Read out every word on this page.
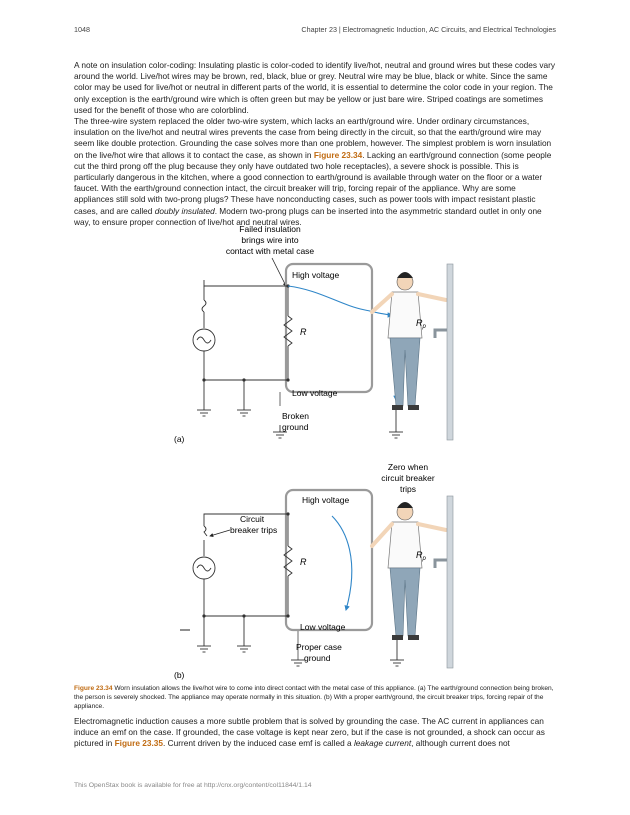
1048	Chapter 23 | Electromagnetic Induction, AC Circuits, and Electrical Technologies

A note on insulation color-coding: Insulating plastic is color-coded to identify live/hot, neutral and ground wires but these codes vary around the world. Live/hot wires may be brown, red, black, blue or grey. Neutral wire may be blue, black or white. Since the same color may be used for live/hot or neutral in different parts of the world, it is essential to determine the color code in your region. The only exception is the earth/ground wire which is often green but may be yellow or just bare wire. Striped coatings are sometimes used for the benefit of those who are colorblind.

The three-wire system replaced the older two-wire system, which lacks an earth/ground wire. Under ordinary circumstances, insulation on the live/hot and neutral wires prevents the case from being directly in the circuit, so that the earth/ground wire may seem like double protection. Grounding the case solves more than one problem, however. The simplest problem is worn insulation on the live/hot wire that allows it to contact the case, as shown in Figure 23.34. Lacking an earth/ground connection (some people cut the third prong off the plug because they only have outdated two hole receptacles), a severe shock is possible. This is particularly dangerous in the kitchen, where a good connection to earth/ground is available through water on the floor or a water faucet. With the earth/ground connection intact, the circuit breaker will trip, forcing repair of the appliance. Why are some appliances still sold with two-prong plugs? These have nonconducting cases, such as power tools with impact resistant plastic cases, and are called doubly insulated. Modern two-prong plugs can be inserted into the asymmetric standard outlet in only one way, to ensure proper connection of live/hot and neutral wires.

Failed insulation
brings wire into
contact with metal case
High voltage
Low voltage
R
Broken
ground
$R_p$
(a)
Zero when
circuit breaker
trips
High voltage
Low voltage
Circuit
breaker trips
R
Proper case
ground
$R_p$
(b)
Figure 23.34 Worn insulation allows the live/hot wire to come into direct contact with the metal case of this appliance. (a) The earth/ground connection being broken, the person is severely shocked. The appliance may operate normally in this situation. (b) With a proper earth/ground, the circuit breaker trips, forcing repair of the appliance.

Electromagnetic induction causes a more subtle problem that is solved by grounding the case. The AC current in appliances can induce an emf on the case. If grounded, the case voltage is kept near zero, but if the case is not grounded, a shock can occur as pictured in Figure 23.35. Current driven by the induced case emf is called a leakage current, although current does not

This OpenStax book is available for free at http://cnx.org/content/col11844/1.14
